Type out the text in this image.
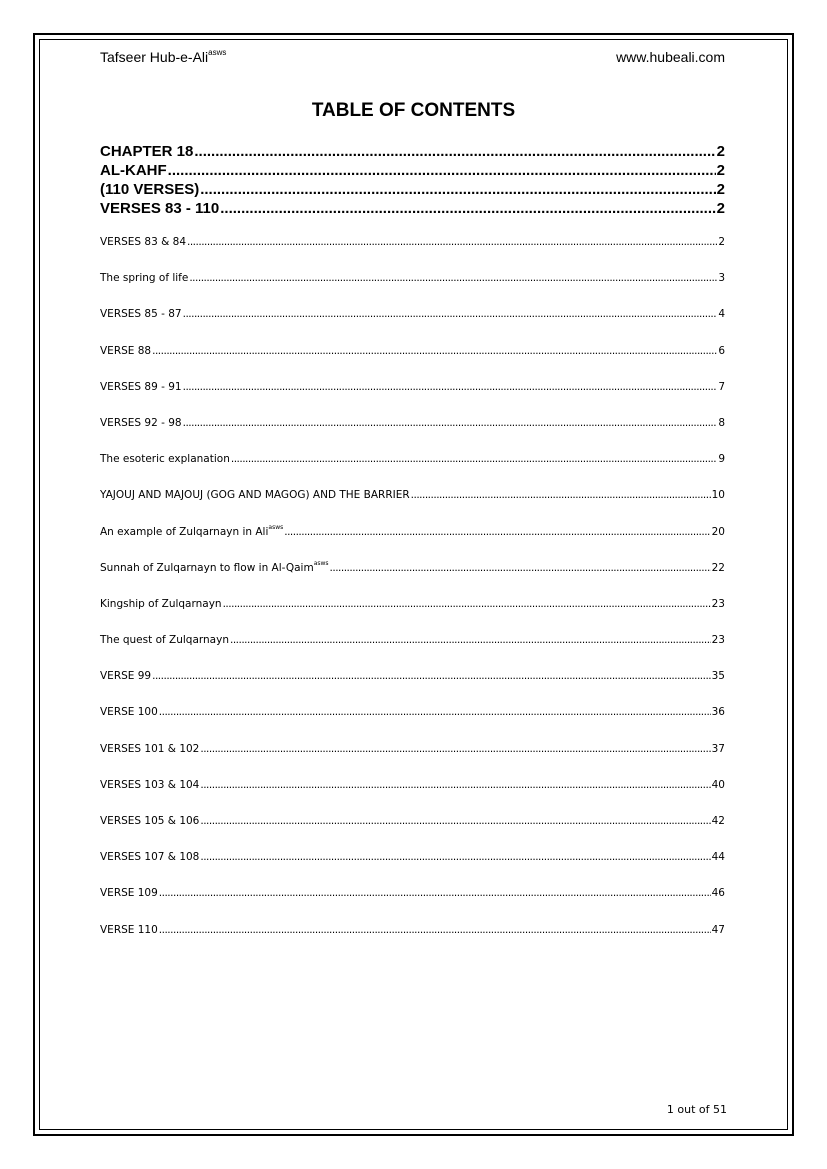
Tafseer Hub-e-Ali$^{asws}$	www.hubeali.com
TABLE OF CONTENTS
CHAPTER 18 .....	2
AL-KAHF .....	2
(110 VERSES) .....	2
VERSES 83 - 110 .....	2
VERSES 83 & 84 .....	2
The spring of life .....	3
VERSES 85 - 87 .....	4
VERSE 88 .....	6
VERSES 89 - 91 .....	7
VERSES 92 - 98 .....	8
The esoteric explanation .....	9
YAJOUJ AND MAJOUJ (GOG AND MAGOG) AND THE BARRIER .....	10
An example of Zulqarnayn in Ali$^{asws}$ .....	20
Sunnah of Zulqarnayn to flow in Al-Qaim$^{asws}$ .....	22
Kingship of Zulqarnayn .....	23
The quest of Zulqarnayn .....	23
VERSE 99 .....	35
VERSE 100 .....	36
VERSES 101 & 102 .....	37
VERSES 103 & 104 .....	40
VERSES 105 & 106 .....	42
VERSES 107 & 108 .....	44
VERSE 109 .....	46
VERSE 110 .....	47
1 out of 51
